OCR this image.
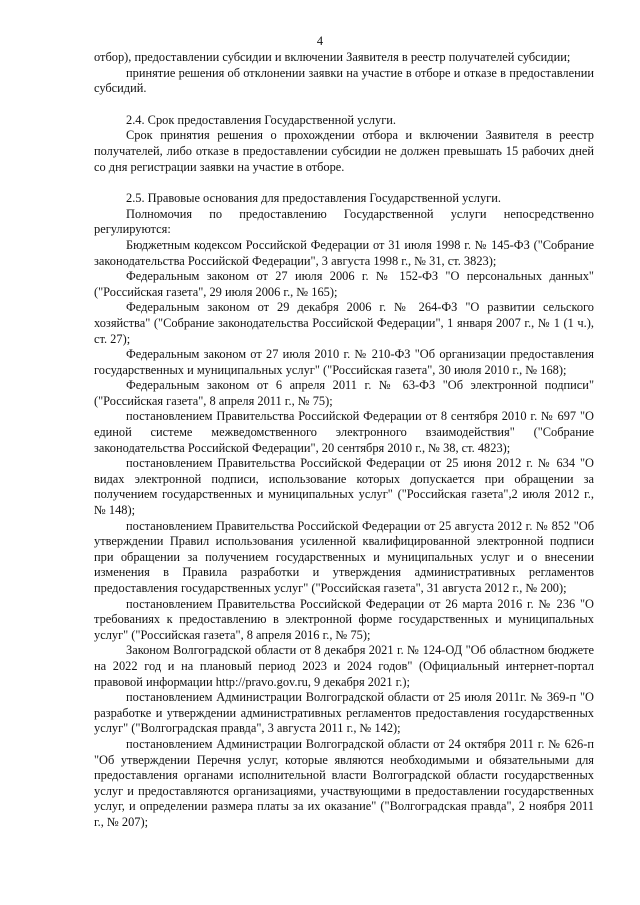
4

отбор), предоставлении субсидии и включении Заявителя в реестр получателей субсидии;

принятие решения об отклонении заявки на участие в отборе и отказе в предоставлении субсидий.

2.4. Срок предоставления Государственной услуги.

Срок принятия решения о прохождении отбора и включении Заявителя в реестр получателей, либо отказе в предоставлении субсидии не должен превышать 15 рабочих дней со дня регистрации заявки на участие в отборе.

2.5. Правовые основания для предоставления Государственной услуги.

Полномочия по предоставлению Государственной услуги непосредственно регулируются:

Бюджетным кодексом Российской Федерации от 31 июля 1998 г. № 145-ФЗ ("Собрание законодательства Российской Федерации", 3 августа 1998 г., № 31, ст. 3823);

Федеральным законом от 27 июля 2006 г. № 152-ФЗ "О персональных данных" ("Российская газета", 29 июля 2006 г., № 165);

Федеральным законом от 29 декабря 2006 г. № 264-ФЗ "О развитии сельского хозяйства" ("Собрание законодательства Российской Федерации", 1 января 2007 г., № 1 (1 ч.), ст. 27);

Федеральным законом от 27 июля 2010 г. № 210-ФЗ "Об организации предоставления государственных и муниципальных услуг" ("Российская газета", 30 июля 2010 г., № 168);

Федеральным законом от 6 апреля 2011 г. № 63-ФЗ "Об электронной подписи" ("Российская газета", 8 апреля 2011 г., № 75);

постановлением Правительства Российской Федерации от 8 сентября 2010 г. № 697 "О единой системе межведомственного электронного взаимодействия" ("Собрание законодательства Российской Федерации", 20 сентября 2010 г., № 38, ст. 4823);

постановлением Правительства Российской Федерации от 25 июня 2012 г. № 634 "О видах электронной подписи, использование которых допускается при обращении за получением государственных и муниципальных услуг" ("Российская газета",2 июля 2012 г., № 148);

постановлением Правительства Российской Федерации от 25 августа 2012 г. № 852 "Об утверждении Правил использования усиленной квалифицированной электронной подписи при обращении за получением государственных и муниципальных услуг и о внесении изменения в Правила разработки и утверждения административных регламентов предоставления государственных услуг" ("Российская газета", 31 августа 2012 г., № 200);

постановлением Правительства Российской Федерации от 26 марта 2016 г. № 236 "О требованиях к предоставлению в электронной форме государственных и муниципальных услуг" ("Российская газета", 8 апреля 2016 г., № 75);

Законом Волгоградской области от 8 декабря 2021 г. № 124-ОД "Об областном бюджете на 2022 год и на плановый период 2023 и 2024 годов" (Официальный интернет-портал правовой информации http://pravo.gov.ru, 9 декабря 2021 г.);

постановлением Администрации Волгоградской области от 25 июля 2011г. № 369-п "О разработке и утверждении административных регламентов предоставления государственных услуг" ("Волгоградская правда", 3 августа 2011 г., № 142);

постановлением Администрации Волгоградской области от 24 октября 2011 г. № 626-п "Об утверждении Перечня услуг, которые являются необходимыми и обязательными для предоставления органами исполнительной власти Волгоградской области государственных услуг и предоставляются организациями, участвующими в предоставлении государственных услуг, и определении размера платы за их оказание" ("Волгоградская правда", 2 ноября 2011 г., № 207);
